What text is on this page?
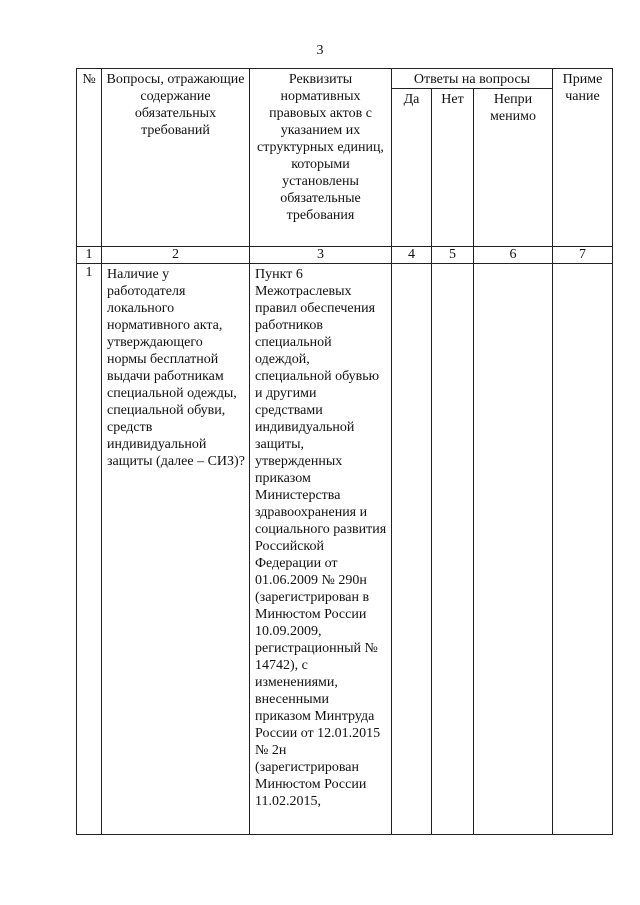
3
№	Вопросы, отражающие содержание обязательных требований	Реквизиты нормативных правовых актов с указанием их структурных единиц, которыми установлены обязательные требования	Ответы на вопросы			Приме чание
			Да	Нет	Непри менимо	
1	2	3	4	5	6	7
1	Наличие у работодателя локального нормативного акта, утверждающего нормы бесплатной выдачи работникам специальной одежды, специальной обуви, средств индивидуальной защиты (далее – СИЗ)?	Пункт 6 Межотраслевых правил обеспечения работников специальной одеждой, специальной обувью и другими средствами индивидуальной защиты, утвержденных приказом Министерства здравоохранения и социального развития Российской Федерации от 01.06.2009 № 290н (зарегистрирован в Минюстом России 10.09.2009, регистрационный № 14742), с изменениями, внесенными приказом Минтруда России от 12.01.2015 № 2н (зарегистрирован Минюстом России 11.02.2015,				
